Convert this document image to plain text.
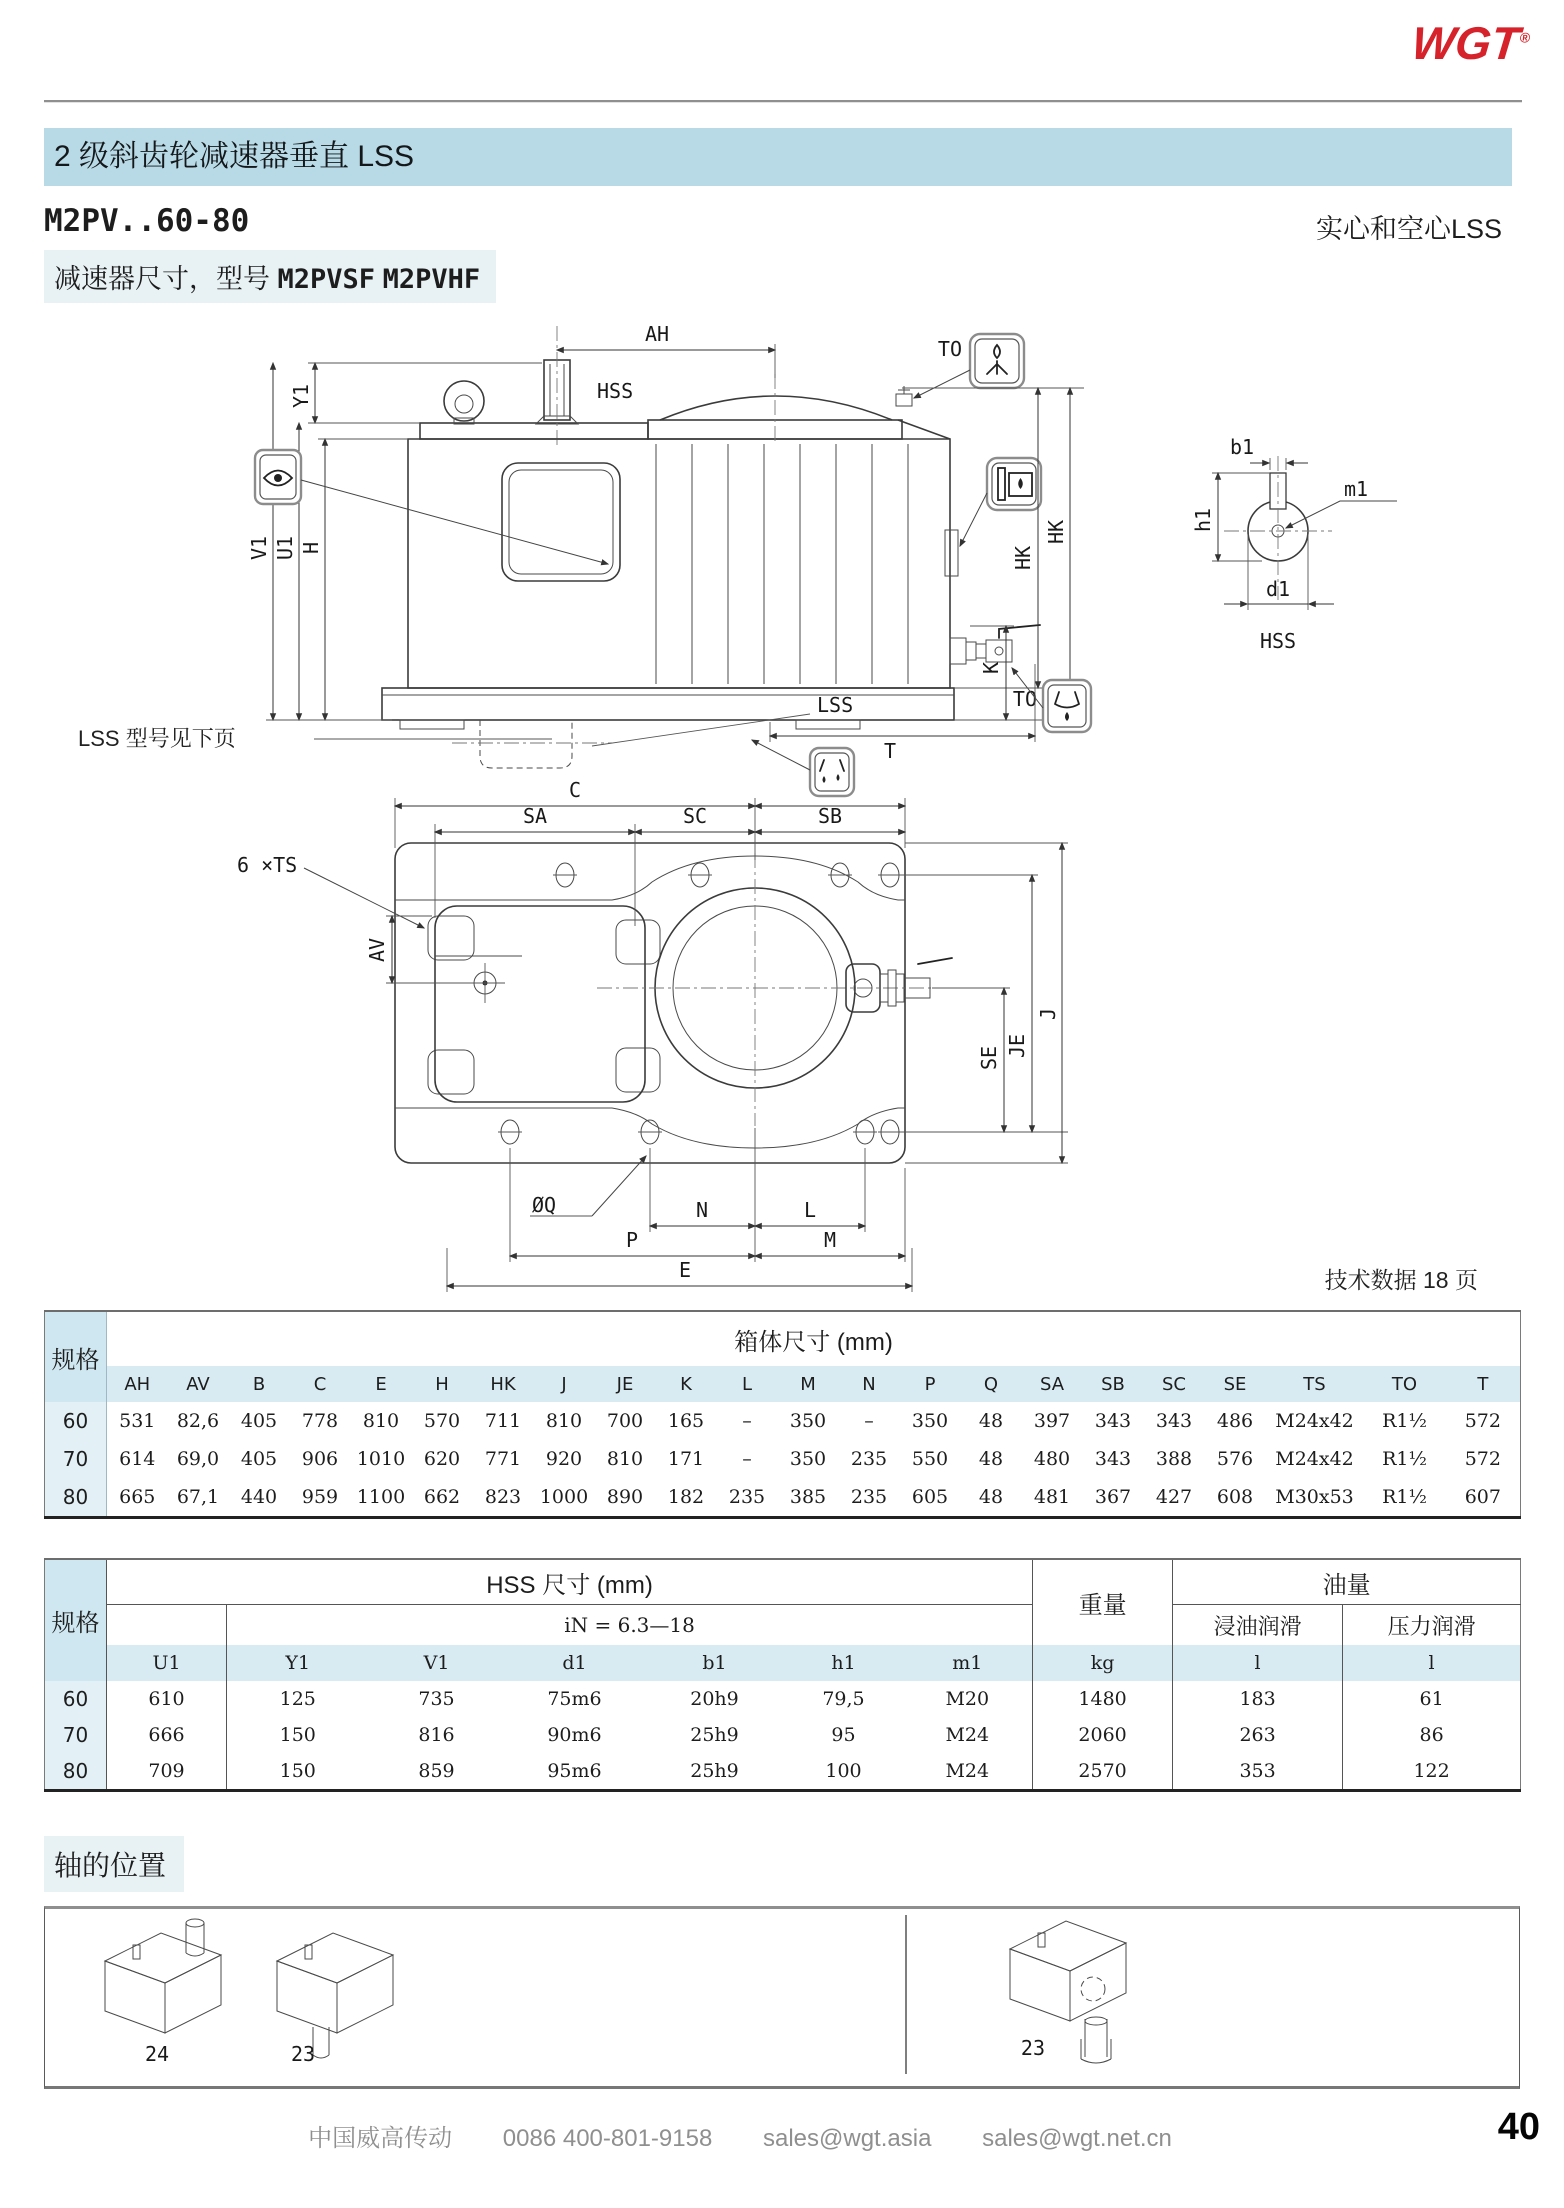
WGT®
2 级斜齿轮减速器垂直 LSS
M2PV..60-80	实心和空心LSS
减速器尺寸，型号 M2PVSF M2PVHF
AH
HSS
TO
Y1
V1 U1 H	HK
HK
K
TO
LSS
T
LSS 型号见下页
b1
m1
h1
d1
HSS
C
SA	SC	SB
6 ×TS
AV
SE JE
J
ØQ	N	L
P	M
E	技术数据 18 页
规格	箱体尺寸 (mm)																					
	AH	AV	B	C	E	H	HK	J	JE	K	L	M	N	P	Q	SA	SB	SC	SE	TS	TO	T
60	531	82,6	405	778	810	570	711	810	700	165	–	350	–	350	48	397	343	343	486	M24x42	R1½	572
70	614	69,0	405	906	1010	620	771	920	810	171	–	350	235	550	48	480	343	388	576	M24x42	R1½	572
80	665	67,1	440	959	1100	662	823	1000	890	182	235	385	235	605	48	481	367	427	608	M30x53	R1½	607
规格	HSS 尺寸 (mm)							重量	油量	
		iN = 6.3—18							浸油润滑	压力润滑
	U1	Y1	V1	d1	b1	h1	m1	kg	l	l
60	610	125	735	75m6	20h9	79,5	M20	1480	183	61
70	666	150	816	90m6	25h9	95	M24	2060	263	86
80	709	150	859	95m6	25h9	100	M24	2570	353	122
轴的位置
24	23	23
中国威高传动 0086 400-801-9158 sales@wgt.asia sales@wgt.net.cn	40
